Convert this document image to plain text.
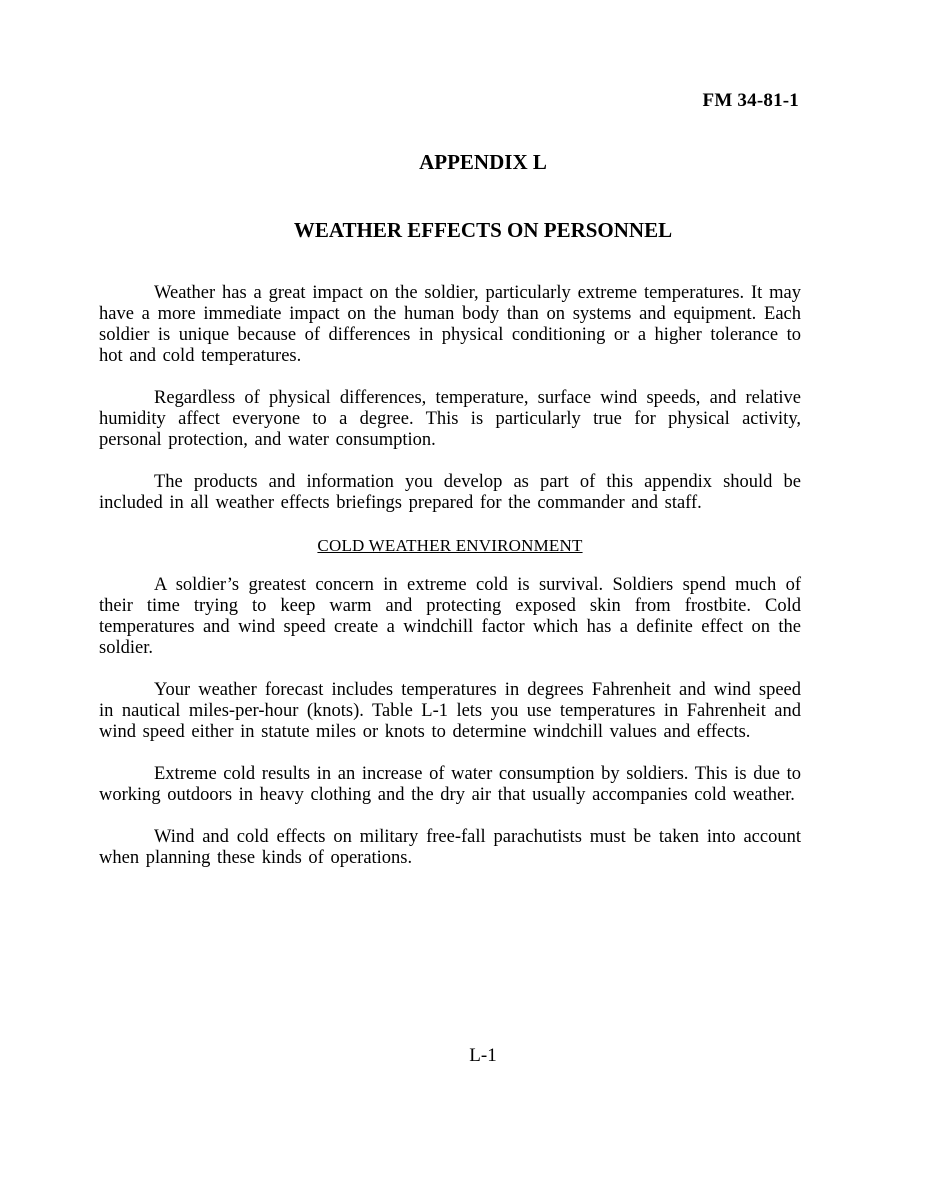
FM 34-81-1
APPENDIX L
WEATHER EFFECTS ON PERSONNEL

Weather has a great impact on the soldier, particularly extreme temperatures. It may have a more immediate impact on the human body than on systems and equipment. Each soldier is unique because of differences in physical conditioning or a higher tolerance to hot and cold temperatures.

Regardless of physical differences, temperature, surface wind speeds, and relative humidity affect everyone to a degree. This is particularly true for physical activity, personal protection, and water consumption.

The products and information you develop as part of this appendix should be included in all weather effects briefings prepared for the commander and staff.

COLD WEATHER ENVIRONMENT

A soldier’s greatest concern in extreme cold is survival. Soldiers spend much of their time trying to keep warm and protecting exposed skin from frostbite. Cold temperatures and wind speed create a windchill factor which has a definite effect on the soldier.

Your weather forecast includes temperatures in degrees Fahrenheit and wind speed in nautical miles-per-hour (knots). Table L-1 lets you use temperatures in Fahrenheit and wind speed either in statute miles or knots to determine windchill values and effects.

Extreme cold results in an increase of water consumption by soldiers. This is due to working outdoors in heavy clothing and the dry air that usually accompanies cold weather.

Wind and cold effects on military free-fall parachutists must be taken into account when planning these kinds of operations.

L-1
